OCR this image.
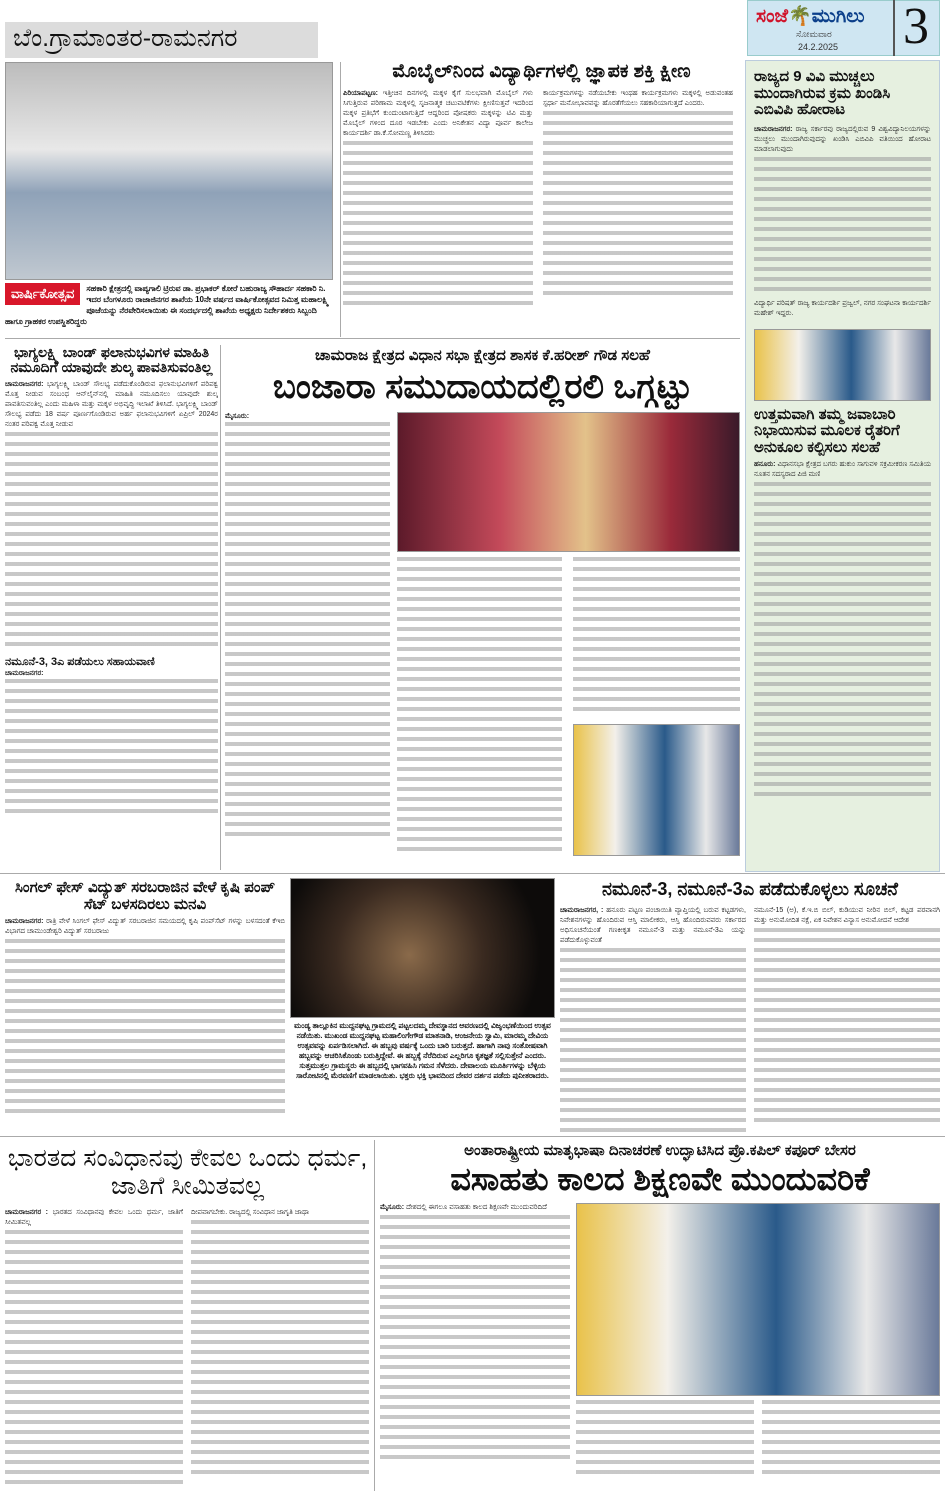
ಬೆಂ.ಗ್ರಾಮಾಂತರ-ರಾಮನಗರ
ಸಂಜೆ🌴ಮುಗಿಲು
ಸೋಮವಾರ
24.2.2025 3
ವಾರ್ಷಿಕೋತ್ಸವ	ಸಹಕಾರಿ ಕ್ಷೇತ್ರದಲ್ಲಿ ವಾಪ್ಯಗಾಲಿ ಟ್ರಿರುವ ಡಾ. ಪ್ರಭಾಕರ್ ಕೋರೆ ಬಹುರಾಜ್ಯ ಸೌಹಾರ್ದ ಸಹಕಾರಿ ನಿ. ಇದರ ಬೆಂಗಳೂರು ರಾಜಾಜಿನಗರ ಶಾಖೆಯ 10ನೇ ವರ್ಷದ ವಾರ್ಷಿಕೋತ್ಸವದ ನಿಮಿತ್ತ ಮಹಾಲಕ್ಷ್ಮಿ ಪೂಜೆಯನ್ನು ನೆರವೇರಿಸಲಾಯಿತು ಈ ಸಂದರ್ಭದಲ್ಲಿ ಶಾಖೆಯ ಅಧ್ಯಕ್ಷರು ನಿರ್ದೇಶಕರು ಸಿಬ್ಬಂದಿ ಹಾಗೂ ಗ್ರಾಹಕರ ಉಪಸ್ಥಿತರಿದ್ದರು
ಮೊಬೈಲ್‌ನಿಂದ ವಿದ್ಯಾರ್ಥಿಗಳಲ್ಲಿ ಜ್ಞಾಪಕ ಶಕ್ತಿ ಕ್ಷೀಣ
ಪಿರಿಯಾಪಟ್ಟಣ: ಇತ್ತೀಚಿನ ದಿನಗಳಲ್ಲಿ ಮಕ್ಕಳ ಕೈಗೆ ಸುಲಭವಾಗಿ ಮೊಬೈಲ್ ಗಳು ಸಿಗುತ್ತಿರುವ ಪರಿಣಾಮ ಮಕ್ಕಳಲ್ಲಿ ಸೃಜನಾತ್ಮಕ ಚಟುವಟಿಕೆಗಳು ಕ್ಷೀಣಿಸುತ್ತವೆ ಇದರಿಂದ ಮಕ್ಕಳ ಪ್ರತಿಭೆಗೆ ಕುಂದುಂಟಾಗುತ್ತಿದೆ ಆದ್ದರಿಂದ ಪೋಷಕರು ಮಕ್ಕಳನ್ನು ಟಿವಿ ಮತ್ತು ಮೊಬೈಲ್ ಗಳಿಂದ ದೂರ ಇಡಬೇಕು ಎಂದು ಅನಿಕೇತನ ವಿದ್ಯಾ ಪೂರ್ವ ಕಾಲೇಜ ಕಾರ್ಯದರ್ಶಿ ಡಾ.ಕೆ.ಸೋಮಣ್ಣ ತಿಳಿಸಿದರು
ಕಾರ್ಯಕ್ರಮಗಳನ್ನು ನಡೆಯಬೇಕು ಇಂಥಹ ಕಾರ್ಯಕ್ರಮಗಳು ಮಕ್ಕಳಲ್ಲಿ ಅಡುವಂತಹ ಸ್ಪರ್ಧಾ ಮನೋಭಾವವನ್ನು ಹೊರತೆಗೆಯಲು ಸಹಕಾರಿಯಾಗುತ್ತದೆ ಎಂದರು.
ರಾಜ್ಯದ 9 ವಿವಿ ಮುಚ್ಚಲು ಮುಂದಾಗಿರುವ ಕ್ರಮ ಖಂಡಿಸಿ ಎಬಿವಿಪಿ ಹೋರಾಟ
ಚಾಮರಾಜನಗರ: ರಾಜ್ಯ ಸರ್ಕಾರವು ರಾಜ್ಯದಲ್ಲಿರುವ 9 ವಿಶ್ವವಿದ್ಯಾನಿಲಯಗಳನ್ನು ಮುಚ್ಚಲು ಮುಂದಾಗಿರುವುದನ್ನು ಖಂಡಿಸಿ ಎಬಿವಿಪಿ ವತಿಯಿಂದ ಹೋರಾಟ ಮಾಡಲಾಗುವುದು
ವಿದ್ಯಾರ್ಥಿ ಪರಿಷತ್ ರಾಜ್ಯ ಕಾರ್ಯದರ್ಶಿ ಪ್ರಜ್ವಲ್, ನಗರ ಸಂಘಟನಾ ಕಾರ್ಯದರ್ಶಿ ಮಹೇಶ್ ಇದ್ದರು.
ಉತ್ತಮವಾಗಿ ತಮ್ಮ ಜವಾಬಾರಿ ನಿಭಾಯಿಸುವ ಮೂಲಕ ರೈತರಿಗೆ ಅನುಕೂಲ ಕಲ್ಪಿಸಲು ಸಲಹೆ
ಹನೂರು: ವಿಧಾನಸಭಾ ಕ್ಷೇತ್ರದ ಬಗರು ಹುಕುಂ ಸಾಗುವಳಿ ಸಕ್ರಮೀಕರಣ ಸಮಿತಿಯ ನೂತನ ಸದಸ್ಯರಾದ ಪಿಜಿ ಮಣಿ
ಭಾಗ್ಯಲಕ್ಷ್ಮಿ ಬಾಂಡ್ ಫಲಾನುಭವಿಗಳ ಮಾಹಿತಿ ನಮೂದಿಗೆ ಯಾವುದೇ ಶುಲ್ಕ ಪಾವತಿಸುವಂತಿಲ್ಲ
ಚಾಮರಾಜನಗರ: ಭಾಗ್ಯಲಕ್ಷ್ಮಿ ಬಾಂಡ್ ಸೌಲಭ್ಯ ಪಡೆದುಕೊಂಡಿರುವ ಫಲಾನುಭವಿಗಳಿಗೆ ಪರಿಪಕ್ವ ಮೊತ್ತ ನೀಡುವ ಸಂಬಂಧ ಆನ್‌ಲೈನ್‌ನಲ್ಲಿ ಮಾಹಿತಿ ನಮೂದಿಸಲು ಯಾವುದೇ ಶುಲ್ಕ ಪಾವತಿಸುವಂತಿಲ್ಲ ಎಂದು ಮಹಿಳಾ ಮತ್ತು ಮಕ್ಕಳ ಅಭಿವೃದ್ಧಿ ಇಲಾಖೆ ತಿಳಿಸಿದೆ. ಭಾಗ್ಯಲಕ್ಷ್ಮಿ ಬಾಂಡ್ ಸೌಲಭ್ಯ ಪಡೆದು 18 ವರ್ಷ ಪೂರ್ಣಗೊಂಡಿರುವ ಅರ್ಹ ಫಲಾನುಭವಿಗಳಿಗೆ ಏಪ್ರಿಲ್ 2024ರ ನಂತರ ಪರಿಪಕ್ವ ಮೊತ್ತ ನೀಡುವ
ನಮೂನೆ-3, 3ಎ ಪಡೆಯಲು ಸಹಾಯವಾಣಿ
ಚಾಮರಾಜನಗರ:
ಚಾಮರಾಜ ಕ್ಷೇತ್ರದ ವಿಧಾನ ಸಭಾ ಕ್ಷೇತ್ರದ ಶಾಸಕ ಕೆ.ಹರೀಶ್ ಗೌಡ ಸಲಹೆ
ಬಂಜಾರಾ ಸಮುದಾಯದಲ್ಲಿರಲಿ ಒಗ್ಗಟ್ಟು
ಮೈಸೂರು:
ಸಿಂಗಲ್ ಫೇಸ್ ವಿದ್ಯುತ್ ಸರಬರಾಜಿನ ವೇಳೆ ಕೃಷಿ ಪಂಪ್ ಸೆಟ್ ಬಳಸದಿರಲು ಮನವಿ
ಚಾಮರಾಜನಗರ: ರಾತ್ರಿ ವೇಳೆ ಸಿಂಗಲ್ ಫೇಸ್ ವಿದ್ಯುತ್ ಸರಬರಾಜಿನ ಸಮಯದಲ್ಲಿ ಕೃಷಿ ಪಂಪ್‌ಸೆಟ್ ಗಳನ್ನು ಬಳಸದಂತೆ ಕೆಇಬಿ ವಿಭಾಗದ ಚಾಮುಂಡೇಶ್ವರಿ ವಿದ್ಯುತ್ ಸರಬರಾಜು
ಮಂಡ್ಯ ತಾಲ್ಲೂಕಿನ ಮುದ್ದನಘಟ್ಟ ಗ್ರಾಮದಲ್ಲಿ ಪಟ್ಟಲದಮ್ಮ ದೇವಸ್ಥಾನದ ಆವರಣದಲ್ಲಿ ವಿಜೃಂಭಣೆಯಿಂದ ಉತ್ಸವ ನಡೆಯಿತು. ಮುಖಂಡ ಮುದ್ದನಘಟ್ಟ ಮಹಾಲಿಂಗೇಗೌಡ ಮಾತನಾಡಿ, ಆಂಜನೇಯ ಸ್ವಾಮಿ, ಮಾರಮ್ಮ ದೇವಿಯ ಉತ್ಸವವನ್ನು ಏರ್ಪಡಿಸಲಾಗಿದೆ. ಈ ಹಬ್ಬವು ವರ್ಷಕ್ಕೆ ಒಂದು ಬಾರಿ ಬರುತ್ತದೆ. ಹಾಗಾಗಿ ನಾವು ಸಂತೋಷವಾಗಿ ಹಬ್ಬವನ್ನು ಆಚರಿಸಿಕೊಂಡು ಬರುತ್ತಿದ್ದೇವೆ. ಈ ಹಬ್ಬಕ್ಕೆ ನೆರೆದಿರುವ ಎಲ್ಲರಿಗೂ ಕೃತಜ್ಞತೆ ಸಲ್ಲಿಸುತ್ತೇನೆ ಎಂದರು. ಸುತ್ತಮುತ್ತಲ ಗ್ರಾಮಸ್ಥರು ಈ ಹಬ್ಬದಲ್ಲಿ ಭಾಗವಹಿಸಿ ಗಮನ ಸೆಳೆದರು. ದೇವಾಲಯ ಮೂರ್ತಿಗಳನ್ನು ಬೆಳ್ಳಿಯ ಸಾರೋಟಿನಲ್ಲಿ ಮೆರವಣಿಗೆ ಮಾಡಲಾಯಿತು. ಭಕ್ತರು ಭಕ್ತಿ ಭಾವದಿಂದ ದೇವರ ದರ್ಶನ ಪಡೆದು ಪುನೀತರಾದರು.
ನಮೂನೆ-3, ನಮೂನೆ-3ಎ ಪಡೆದುಕೊಳ್ಳಲು ಸೂಚನೆ
ಚಾಮರಾಜನಗರ, : ಹನೂರು ಪಟ್ಟಣ ಪಂಚಾಯಿತಿ ವ್ಯಾಪ್ತಿಯಲ್ಲಿ ಬರುವ ಕಟ್ಟಡಗಳು, ನಿವೇಶನಗಳನ್ನು ಹೊಂದಿರುವ ಆಸ್ತಿ ಮಾಲೀಕರು, ಆಸ್ತಿ ಹೊಂದಿರುವವರು ಸರ್ಕಾರದ ಅಧಿಸೂಚನೆಯಂತೆ ಗಣಕೀಕೃತ ನಮೂನೆ-3 ಮತ್ತು ನಮೂನೆ-3ಎ ಯನ್ನು ಪಡೆದುಕೊಳ್ಳುವಂತೆ
ನಮೂನೆ-15 (ಅ), ಕೆ.ಇ.ಬಿ ಬಿಲ್, ಕುಡಿಯುವ ನೀರಿನ ಬಿಲ್, ಕಟ್ಟಡ ಪರವಾನಗಿ ಮತ್ತು ಅನುಮೋದಿತ ನಕ್ಷೆ, ಏಕ ನಿವೇಶನ ವಿನ್ಯಾಸ ಅನುಮೋದನೆ ಆದೇಶ
ಭಾರತದ ಸಂವಿಧಾನವು ಕೇವಲ ಒಂದು ಧರ್ಮ, ಜಾತಿಗೆ ಸೀಮಿತವಲ್ಲ
ಚಾಮರಾಜನಗರ : ಭಾರತದ ಸಂವಿಧಾನವು ಕೇವಲ ಒಂದು ಧರ್ಮ, ಜಾತಿಗೆ ಸೀಮಿತವಲ್ಲ
ದೀಪವಾಗಬೇಕು. ರಾಜ್ಯದಲ್ಲಿ ಸಂವಿಧಾನ ಜಾಗೃತಿ ಜಾಥಾ
ಅಂತಾರಾಷ್ಟ್ರೀಯ ಮಾತೃಭಾಷಾ ದಿನಾಚರಣೆ ಉದ್ಘಾಟಿಸಿದ ಪ್ರೊ.ಕಪಿಲ್ ಕಪೂರ್ ಬೇಸರ
ವಸಾಹತು ಕಾಲದ ಶಿಕ್ಷಣವೇ ಮುಂದುವರಿಕೆ
ಮೈಸೂರು: ದೇಶದಲ್ಲಿ ಈಗಲೂ ವಸಾಹತು ಕಾಲದ ಶಿಕ್ಷಣವೇ ಮುಂದುವರಿದಿದೆ
